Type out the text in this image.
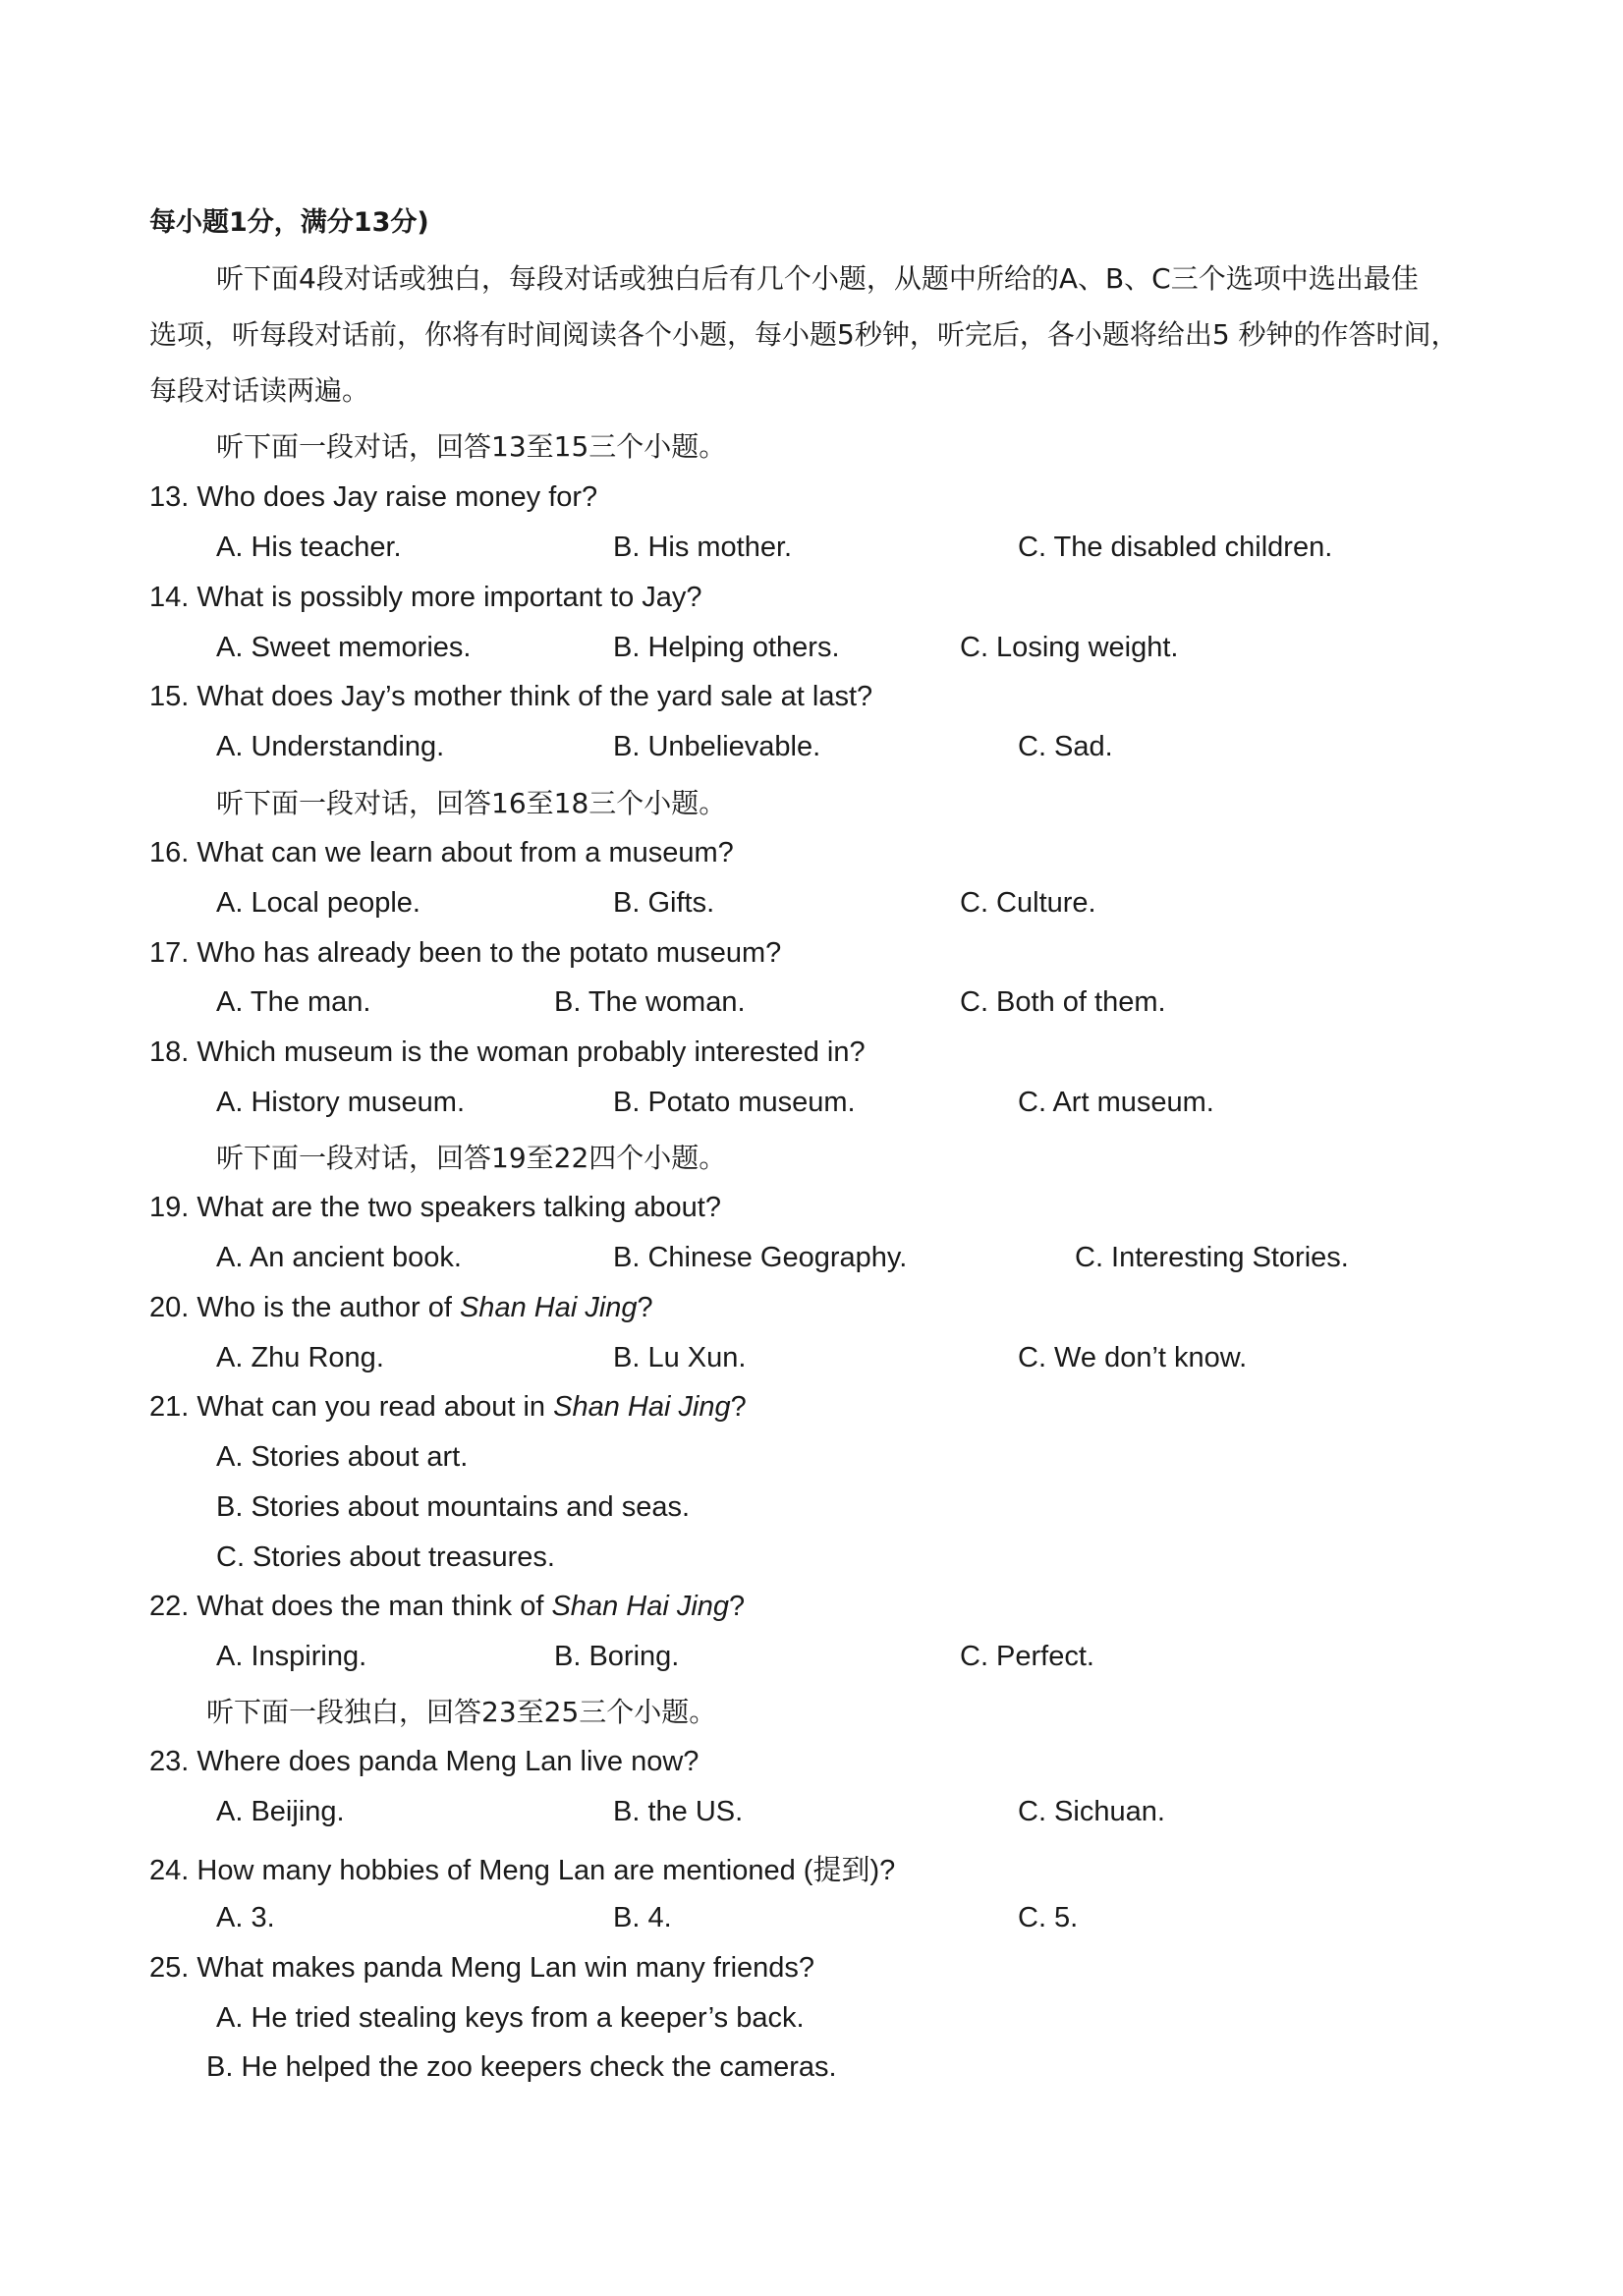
每小题1分，满分13分)
听下面4段对话或独白，每段对话或独白后有几个小题，从题中所给的A、B、C三个选项中选出最佳
选项，听每段对话前，你将有时间阅读各个小题，每小题5秒钟，听完后，各小题将给出5 秒钟的作答时间，
每段对话读两遍。
听下面一段对话，回答13至15三个小题。
13. Who does Jay raise money for?
A. His teacher.	B. His mother.	C. The disabled children.
14. What is possibly more important to Jay?
A. Sweet memories.	B. Helping others.	C. Losing weight.
15. What does Jay’s mother think of the yard sale at last?
A. Understanding.	B. Unbelievable.	C. Sad.
听下面一段对话，回答16至18三个小题。
16. What can we learn about from a museum?
A. Local people.	B. Gifts.	C. Culture.
17. Who has already been to the potato museum?
A. The man.	B. The woman.	C. Both of them.
18. Which museum is the woman probably interested in?
A. History museum.	B. Potato museum.	C. Art museum.
听下面一段对话，回答19至22四个小题。
19. What are the two speakers talking about?
A. An ancient book.	B. Chinese Geography.	C. Interesting Stories.
20. Who is the author of Shan Hai Jing?
A. Zhu Rong.	B. Lu Xun.	C. We don’t know.
21. What can you read about in Shan Hai Jing?
A. Stories about art.
B. Stories about mountains and seas.
C. Stories about treasures.
22. What does the man think of Shan Hai Jing?
A. Inspiring.	B. Boring.	C. Perfect.
听下面一段独白，回答23至25三个小题。
23. Where does panda Meng Lan live now?
A. Beijing.	B. the US.	C. Sichuan.
24. How many hobbies of Meng Lan are mentioned (提到)?
A. 3.	B. 4.	C. 5.
25. What makes panda Meng Lan win many friends?
A. He tried stealing keys from a keeper’s back.
B. He helped the zoo keepers check the cameras.
